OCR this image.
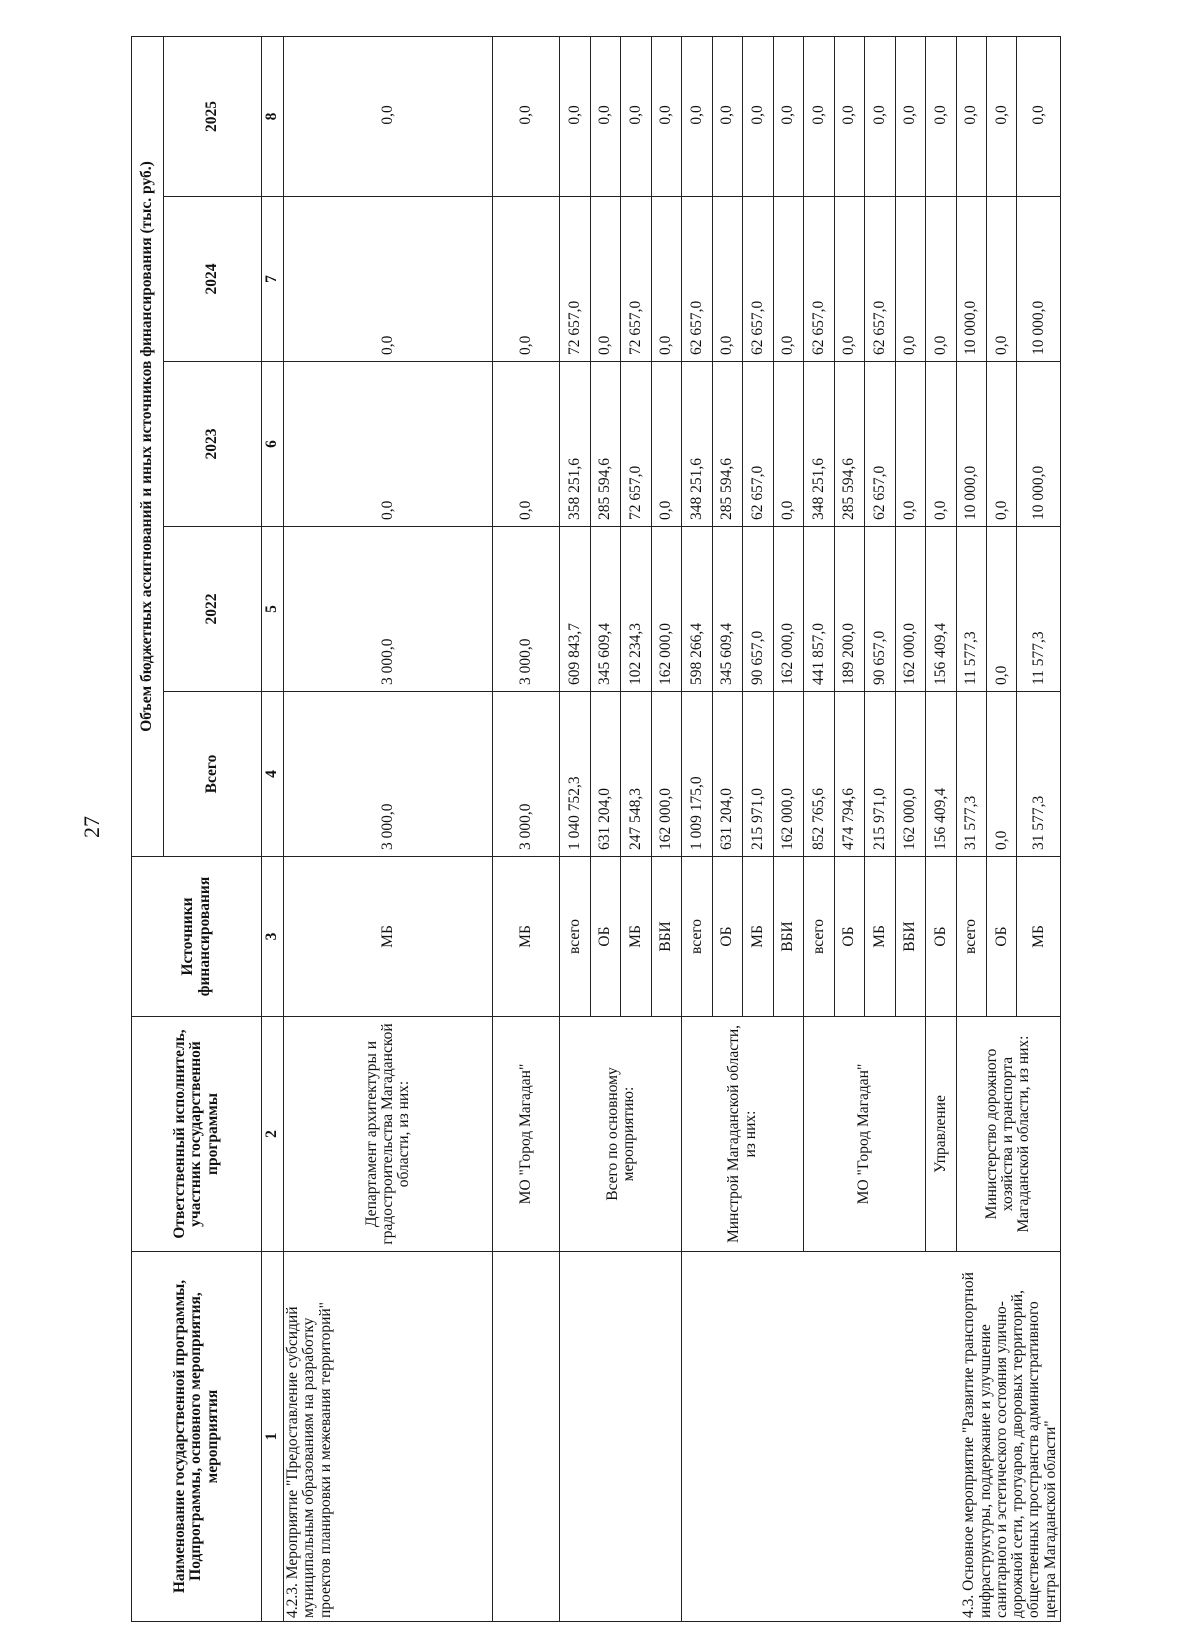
27
Наименование государственной программы, Подпрограммы, основного мероприятия, мероприятия	Ответственный исполнитель, участник государственной программы	Источники финансирования	Объем бюджетных ассигнований и иных источников финансирования (тыс. руб.)				
			Всего	2022	2023	2024	2025
1	2	3	4	5	6	7	8
4.2.3. Мероприятие "Предоставление субсидий муниципальным образованиям на разработку проектов планировки и межевания территорий"	Департамент архитектуры и градостроительства Магаданской области, из них:	МБ	3 000,0	3 000,0	0,0	0,0	0,0
	МО "Город Магадан"	МБ	3 000,0	3 000,0	0,0	0,0	0,0
	Всего по основному мероприятию:	всего	1 040 752,3	609 843,7	358 251,6	72 657,0	0,0
		ОБ	631 204,0	345 609,4	285 594,6	0,0	0,0
		МБ	247 548,3	102 234,3	72 657,0	72 657,0	0,0
		ВБИ	162 000,0	162 000,0	0,0	0,0	0,0
4.3. Основное мероприятие "Развитие транспортной инфраструктуры, поддержание и улучшение санитарного и эстетического состояния улично-дорожной сети, тротуаров, дворовых территорий, общественных пространств административного центра Магаданской области"	Минстрой Магаданской области, из них:	всего	1 009 175,0	598 266,4	348 251,6	62 657,0	0,0
		ОБ	631 204,0	345 609,4	285 594,6	0,0	0,0
		МБ	215 971,0	90 657,0	62 657,0	62 657,0	0,0
		ВБИ	162 000,0	162 000,0	0,0	0,0	0,0
	МО "Город Магадан"	всего	852 765,6	441 857,0	348 251,6	62 657,0	0,0
		ОБ	474 794,6	189 200,0	285 594,6	0,0	0,0
		МБ	215 971,0	90 657,0	62 657,0	62 657,0	0,0
		ВБИ	162 000,0	162 000,0	0,0	0,0	0,0
	Управление	ОБ	156 409,4	156 409,4	0,0	0,0	0,0
	Министерство дорожного хозяйства и транспорта Магаданской области, из них:	всего	31 577,3	11 577,3	10 000,0	10 000,0	0,0
		ОБ	0,0	0,0	0,0	0,0	0,0
		МБ	31 577,3	11 577,3	10 000,0	10 000,0	0,0
